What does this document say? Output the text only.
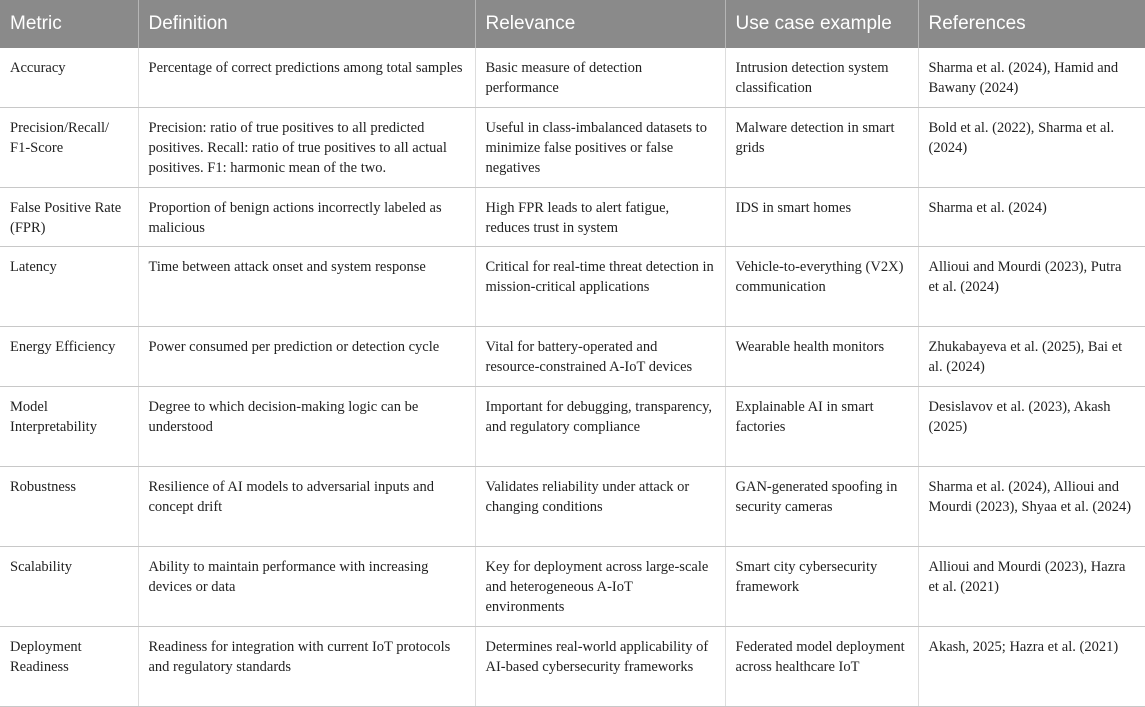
Metric	Definition	Relevance	Use case example	References
Accuracy	Percentage of correct predictions among total samples	Basic measure of detection performance	Intrusion detection system classification	Sharma et al. (2024), Hamid and Bawany (2024)
Precision/Recall/ F1-Score	Precision: ratio of true positives to all predicted positives. Recall: ratio of true positives to all actual positives. F1: harmonic mean of the two.	Useful in class-imbalanced datasets to minimize false positives or false negatives	Malware detection in smart grids	Bold et al. (2022), Sharma et al. (2024)
False Positive Rate (FPR)	Proportion of benign actions incorrectly labeled as malicious	High FPR leads to alert fatigue, reduces trust in system	IDS in smart homes	Sharma et al. (2024)
Latency	Time between attack onset and system response	Critical for real-time threat detection in mission-critical applications	Vehicle-to-everything (V2X) communication	Allioui and Mourdi (2023), Putra et al. (2024)
Energy Efficiency	Power consumed per prediction or detection cycle	Vital for battery-operated and resource-constrained A-IoT devices	Wearable health monitors	Zhukabayeva et al. (2025), Bai et al. (2024)
Model Interpretability	Degree to which decision-making logic can be understood	Important for debugging, transparency, and regulatory compliance	Explainable AI in smart factories	Desislavov et al. (2023), Akash (2025)
Robustness	Resilience of AI models to adversarial inputs and concept drift	Validates reliability under attack or changing conditions	GAN-generated spoofing in security cameras	Sharma et al. (2024), Allioui and Mourdi (2023), Shyaa et al. (2024)
Scalability	Ability to maintain performance with increasing devices or data	Key for deployment across large-scale and heterogeneous A-IoT environments	Smart city cybersecurity framework	Allioui and Mourdi (2023), Hazra et al. (2021)
Deployment Readiness	Readiness for integration with current IoT protocols and regulatory standards	Determines real-world applicability of AI-based cybersecurity frameworks	Federated model deployment across healthcare IoT	Akash, 2025; Hazra et al. (2021)
